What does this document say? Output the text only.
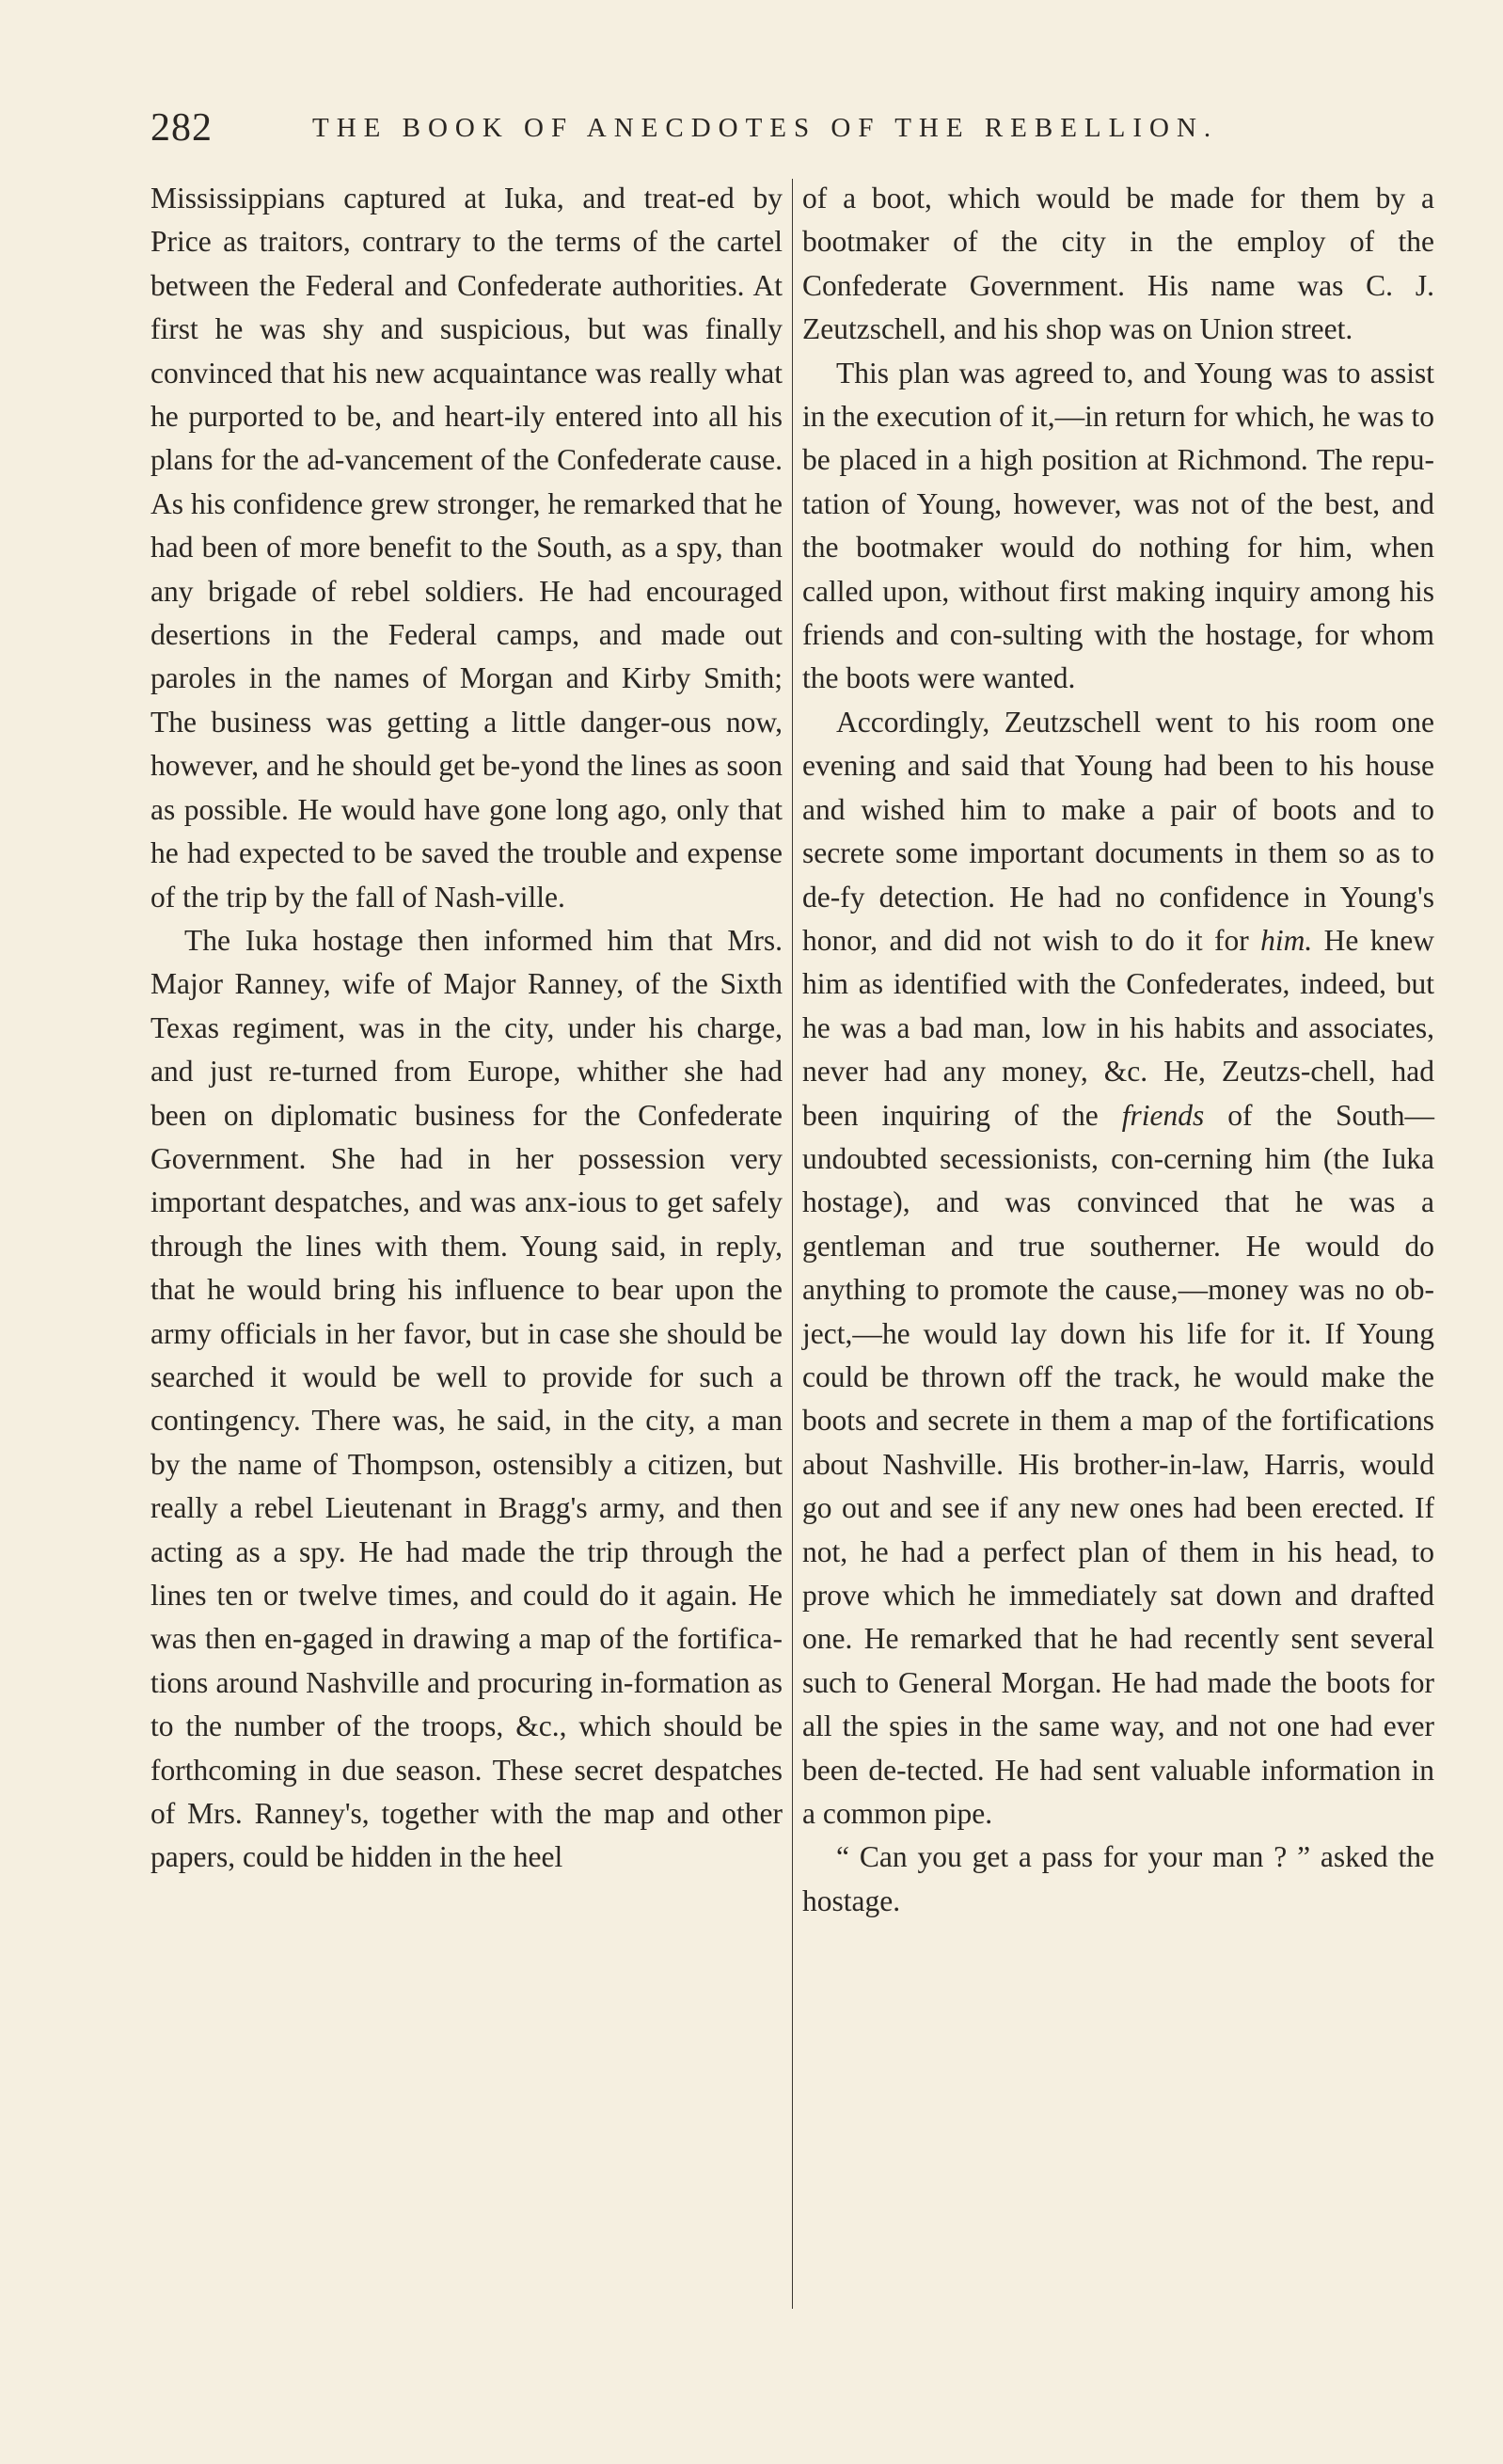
282	THE BOOK OF ANECDOTES OF THE REBELLION.

Mississippians captured at Iuka, and treat-ed by Price as traitors, contrary to the terms of the cartel between the Federal and Confederate authorities. At first he was shy and suspicious, but was finally convinced that his new acquaintance was really what he purported to be, and heart-ily entered into all his plans for the ad-vancement of the Confederate cause. As his confidence grew stronger, he remarked that he had been of more benefit to the South, as a spy, than any brigade of rebel soldiers. He had encouraged desertions in the Federal camps, and made out paroles in the names of Morgan and Kirby Smith; The business was getting a little danger-ous now, however, and he should get be-yond the lines as soon as possible. He would have gone long ago, only that he had expected to be saved the trouble and expense of the trip by the fall of Nash-ville.

The Iuka hostage then informed him that Mrs. Major Ranney, wife of Major Ranney, of the Sixth Texas regiment, was in the city, under his charge, and just re-turned from Europe, whither she had been on diplomatic business for the Confederate Government. She had in her possession very important despatches, and was anx-ious to get safely through the lines with them. Young said, in reply, that he would bring his influence to bear upon the army officials in her favor, but in case she should be searched it would be well to provide for such a contingency. There was, he said, in the city, a man by the name of Thompson, ostensibly a citizen, but really a rebel Lieutenant in Bragg's army, and then acting as a spy. He had made the trip through the lines ten or twelve times, and could do it again. He was then en-gaged in drawing a map of the fortifica-tions around Nashville and procuring in-formation as to the number of the troops, &c., which should be forthcoming in due season. These secret despatches of Mrs. Ranney's, together with the map and other papers, could be hidden in the heel

of a boot, which would be made for them by a bootmaker of the city in the employ of the Confederate Government. His name was C. J. Zeutzschell, and his shop was on Union street.

This plan was agreed to, and Young was to assist in the execution of it,—in return for which, he was to be placed in a high position at Richmond. The repu-tation of Young, however, was not of the best, and the bootmaker would do nothing for him, when called upon, without first making inquiry among his friends and con-sulting with the hostage, for whom the boots were wanted.

Accordingly, Zeutzschell went to his room one evening and said that Young had been to his house and wished him to make a pair of boots and to secrete some important documents in them so as to de-fy detection. He had no confidence in Young's honor, and did not wish to do it for him. He knew him as identified with the Confederates, indeed, but he was a bad man, low in his habits and associates, never had any money, &c. He, Zeutzs-chell, had been inquiring of the friends of the South—undoubted secessionists, con-cerning him (the Iuka hostage), and was convinced that he was a gentleman and true southerner. He would do anything to promote the cause,—money was no ob-ject,—he would lay down his life for it. If Young could be thrown off the track, he would make the boots and secrete in them a map of the fortifications about Nashville. His brother-in-law, Harris, would go out and see if any new ones had been erected. If not, he had a perfect plan of them in his head, to prove which he immediately sat down and drafted one. He remarked that he had recently sent several such to General Morgan. He had made the boots for all the spies in the same way, and not one had ever been de-tected. He had sent valuable information in a common pipe.

“ Can you get a pass for your man ? ” asked the hostage.
